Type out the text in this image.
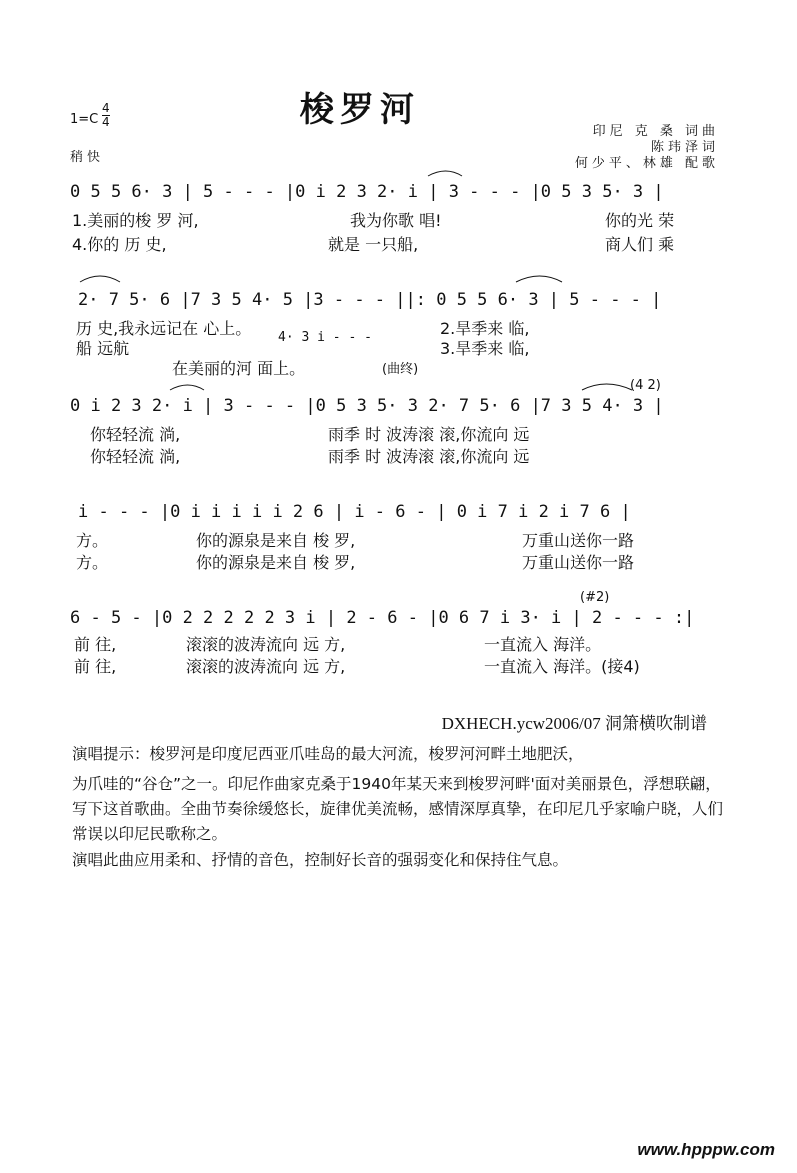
梭罗河
$1=C \frac{4}{4}$
稍快
印尼 克 桑 词曲
陈玮泽词
何少平、林雄 配歌
0 5 5 6· 3 | 5 - - - |0 i 2 3 2· i | 3 - - - |0 5 3 5· 3 |
1.美丽的梭 罗 河,	我为你歌 唱!	你的光 荣
4.你的 历 史,	就是 一只船,	商人们 乘
2· 7 5· 6 |7 3 5 4· 5 |3 - - - ||: 0 5 5 6· 3 | 5 - - - |
历 史,我永远记在 心上。	2.旱季来 临,
船 远航
4· 3 i - - -
3.旱季来 临,
在美丽的河 面上。	(曲终)
(4 2)
0 i 2 3 2· i | 3 - - - |0 5 3 5· 3 2· 7 5· 6 |7 3 5 4· 3 |
你轻轻流 淌,	雨季 时 波涛滚 滚,你流向 远
你轻轻流 淌,	雨季 时 波涛滚 滚,你流向 远
i - - - |0 i i i i i 2 6 | i - 6 - | 0 i 7 i 2 i 7 6 |
方。	你的源泉是来自 梭 罗,	万重山送你一路
方。	你的源泉是来自 梭 罗,	万重山送你一路
(#2)
6 - 5 - |0 2 2 2 2 2 3 i | 2 - 6 - |0 6 7 i 3· i | 2 - - - :|
前 往,	滚滚的波涛流向 远 方,	一直流入 海洋。
前 往,	滚滚的波涛流向 远 方,	一直流入 海洋。(接4)
DXHECH.ycw2006/07 洞箫横吹制谱
演唱提示：梭罗河是印度尼西亚爪哇岛的最大河流，梭罗河河畔土地肥沃，
为爪哇的“谷仓”之一。印尼作曲家克桑于1940年某天来到梭罗河畔'面对美丽景色，浮想联翩，写下这首歌曲。全曲节奏徐缓悠长，旋律优美流畅，感情深厚真挚，在印尼几乎家喻户晓，人们常误以印尼民歌称之。
演唱此曲应用柔和、抒情的音色，控制好长音的强弱变化和保持住气息。
www.hpppw.com
